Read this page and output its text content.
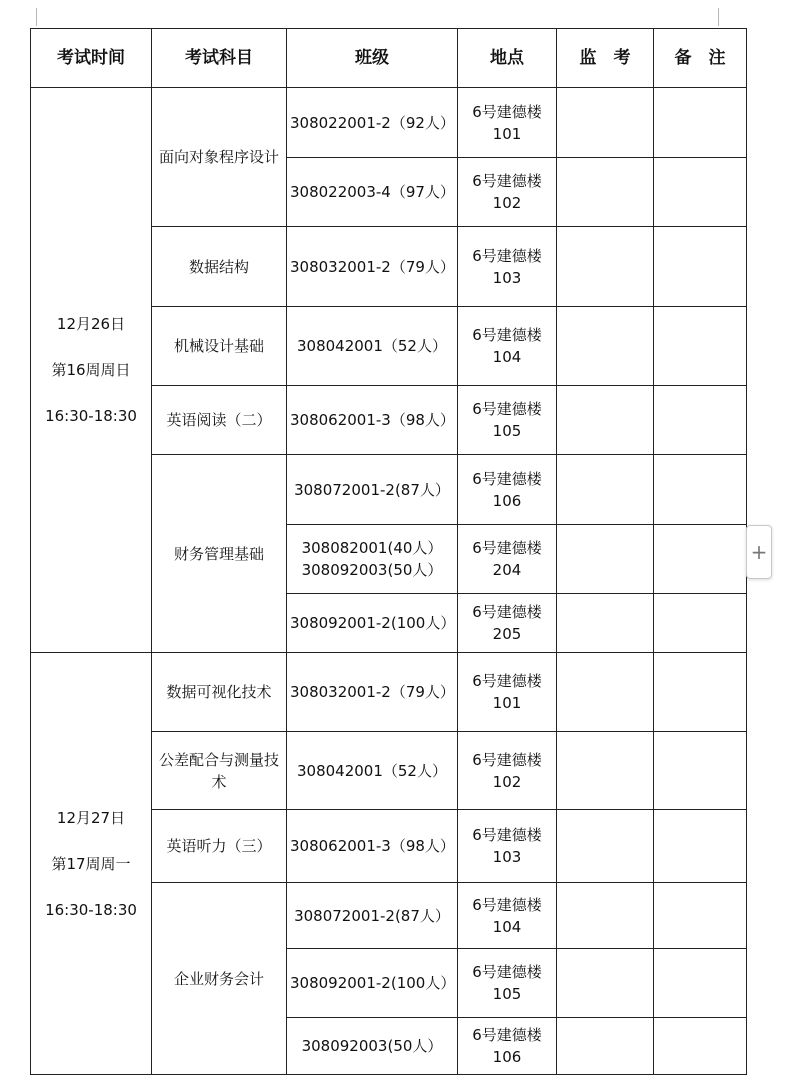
考试时间	考试科目	班级	地点	监　考	备　注

12月26日
第16周周日
16:30-18:30	面向对象程序设计	308022001-2（92人）	6号建德楼101		
		308022003-4（97人）	6号建德楼102		
	数据结构	308032001-2（79人）	6号建德楼103		
	机械设计基础	308042001（52人）	6号建德楼104		
	英语阅读（二）	308062001-3（98人）	6号建德楼105		
	财务管理基础	308072001-2(87人）	6号建德楼106		

		308082001(40人）
308092003(50人）	6号建德楼204		
		308092001-2(100人）	6号建德楼205		

12月27日
第17周周一
16:30-18:30	数据可视化技术	308032001-2（79人）	6号建德楼101		
	公差配合与测量技术	308042001（52人）	6号建德楼102		
	英语听力（三）	308062001-3（98人）	6号建德楼103		
	企业财务会计	308072001-2(87人）	6号建德楼104		
		308092001-2(100人）	6号建德楼105		
		308092003(50人）	6号建德楼106		
+
